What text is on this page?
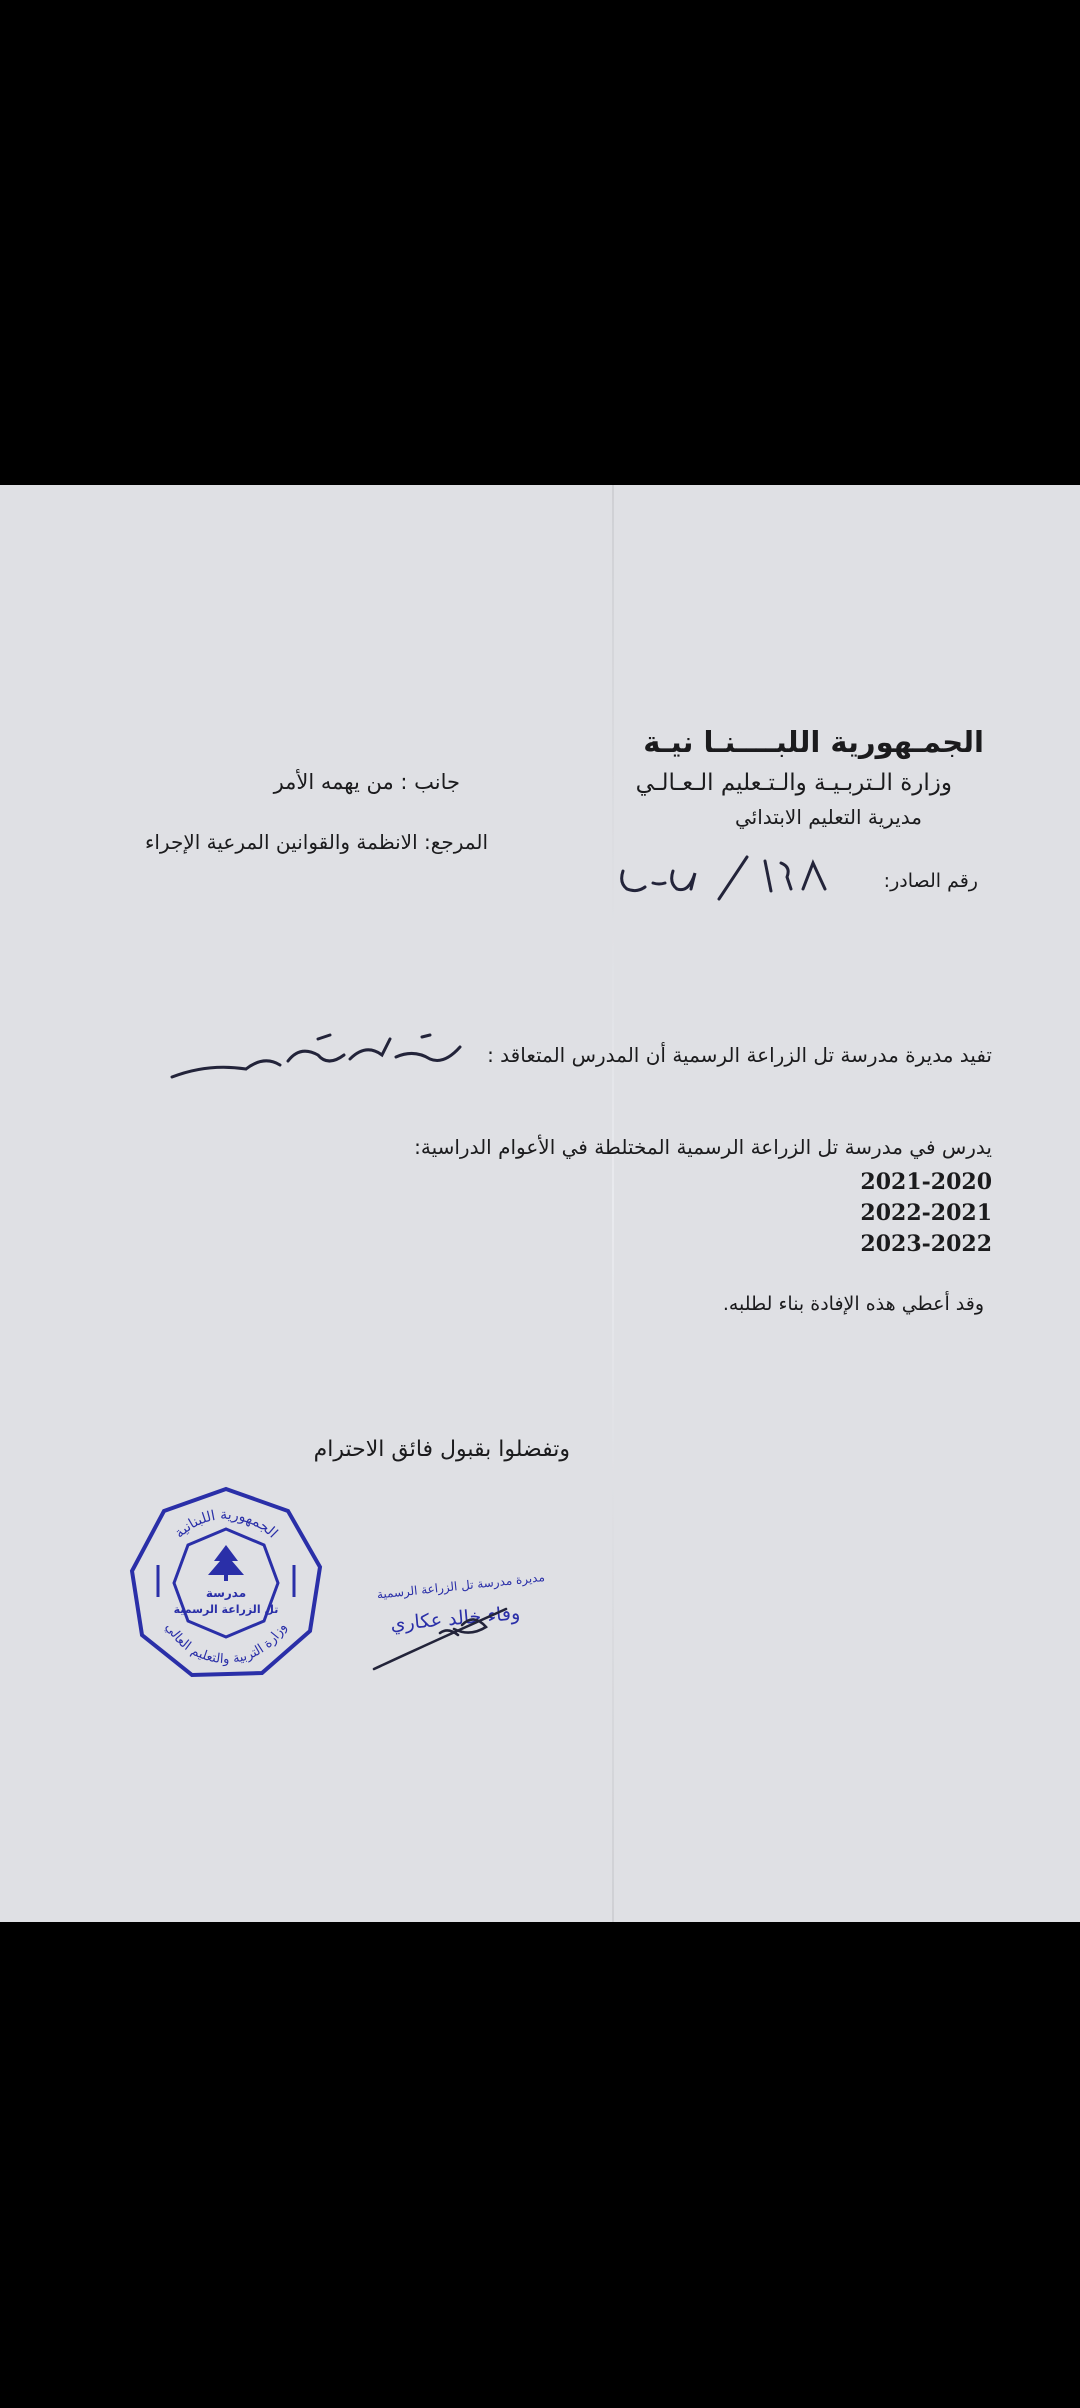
الجمـهورية اللبــــنـا نيـة
وزارة الـتربـيـة والـتـعليم الـعـالـي
مديرية التعليم الابتدائي
رقم الصادر:
جانب : من يهمه الأمر
المرجع: الانظمة والقوانين المرعية الإجراء
تفيد مديرة مدرسة تل الزراعة الرسمية أن المدرس المتعاقد :
يدرس في مدرسة تل الزراعة الرسمية المختلطة في الأعوام الدراسية:
2021-2020
2022-2021
2023-2022
وقد أعطي هذه الإفادة بناء لطلبه.
وتفضلوا بقبول فائق الاحترام
مديرة مدرسة تل الزراعة الرسمية
وفاء خالد عكاري
الجمهورية اللبنانية
وزارة التربية والتعليم العالي
مدرسة
تل الزراعة الرسمية
